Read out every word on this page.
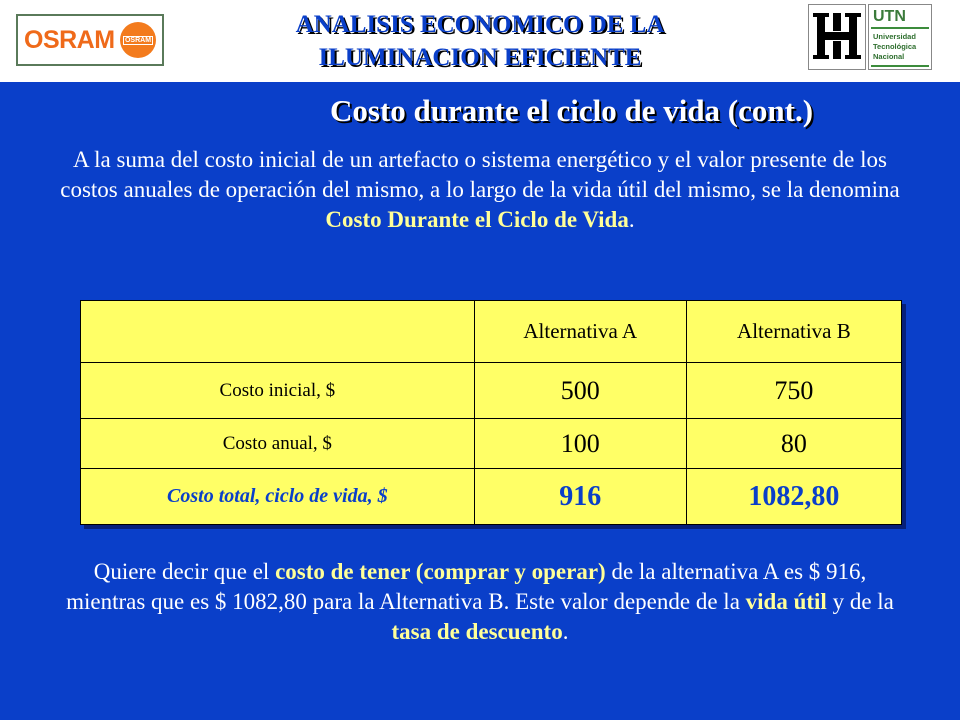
OSRAM OSRAM
ANALISIS ECONOMICO DE LA
ILUMINACION EFICIENTE
UTN
Universidad
Tecnológica
Nacional
Costo durante el ciclo de vida (cont.)
A la suma del costo inicial de un artefacto o sistema energético y el valor presente de los costos anuales de operación del mismo, a lo largo de la vida útil del mismo, se la denomina Costo Durante el Ciclo de Vida.
	Alternativa A	Alternativa B
Costo inicial, $	500	750
Costo anual, $	100	80
Costo total, ciclo de vida, $	916	1082,80
Quiere decir que el costo de tener (comprar y operar) de la alternativa A es $ 916, mientras que es $ 1082,80 para la Alternativa B. Este valor depende de la vida útil y de la
tasa de descuento.
